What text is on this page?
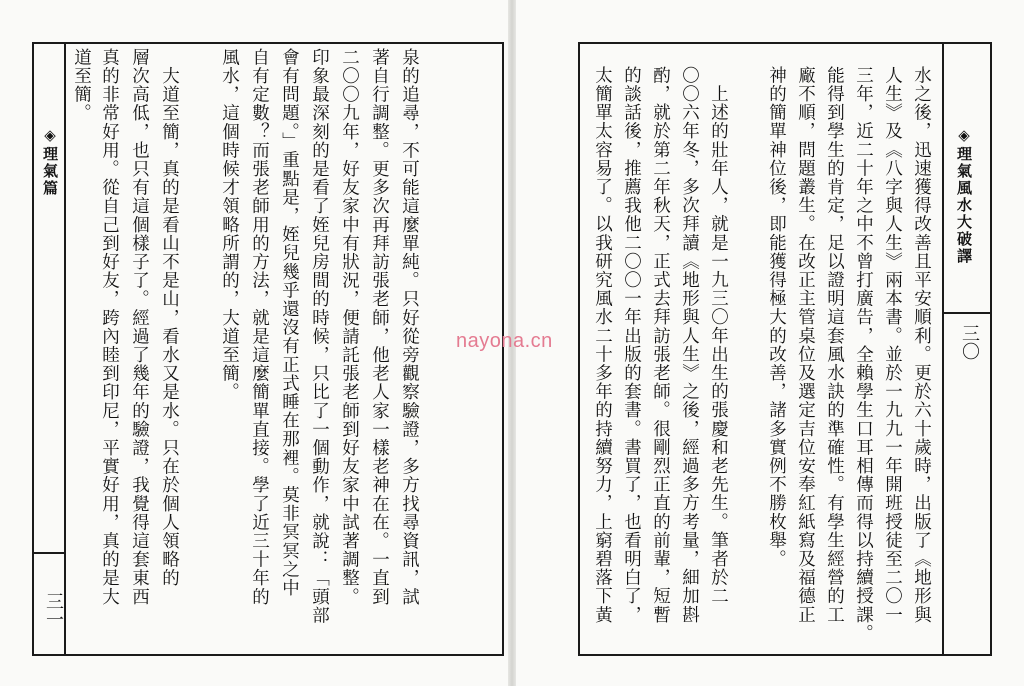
◈理氣篇
三一
泉的追尋，不可能這麼單純。只好從旁觀察驗證，多方找尋資訊，試
著自行調整。更多次再拜訪張老師，他老人家一樣老神在在。一直到
二〇〇九年，好友家中有狀況，便請託張老師到好友家中試著調整。
印象最深刻的是看了姪兒房間的時候，只比了一個動作，就說：「頭部
會有問題。」重點是，姪兒幾乎還沒有正式睡在那裡。莫非冥冥之中
自有定數？而張老師用的方法，就是這麼簡單直接。學了近三十年的
風水，這個時候才領略所謂的，大道至簡。
　大道至簡，真的是看山不是山，看水又是水。只在於個人領略的
層次高低，也只有這個樣子了。經過了幾年的驗證，我覺得這套東西
真的非常好用。從自己到好友，跨內睦到印尼，平實好用，真的是大
道至簡。
◈理氣風水大破譯
三〇
水之後，迅速獲得改善且平安順利。更於六十歲時，出版了《地形與
人生》及《八字與人生》兩本書。並於一九九一年開班授徒至二〇一
三年，近二十年之中不曾打廣告，全賴學生口耳相傳而得以持續授課。
能得到學生的肯定，足以證明這套風水訣的準確性。有學生經營的工
廠不順，問題叢生。在改正主管桌位及選定吉位安奉紅紙寫及福德正
神的簡單神位後，即能獲得極大的改善，諸多實例不勝枚舉。
　上述的壯年人，就是一九三〇年出生的張慶和老先生。筆者於二
〇〇六年冬，多次拜讀《地形與人生》之後，經過多方考量，細加斟
酌，就於第二年秋天，正式去拜訪張老師。很剛烈正直的前輩，短暫
的談話後，推薦我他二〇〇一年出版的套書。書買了，也看明白了，
太簡單太容易了。以我研究風水二十多年的持續努力，上窮碧落下黃
nayona.cn
